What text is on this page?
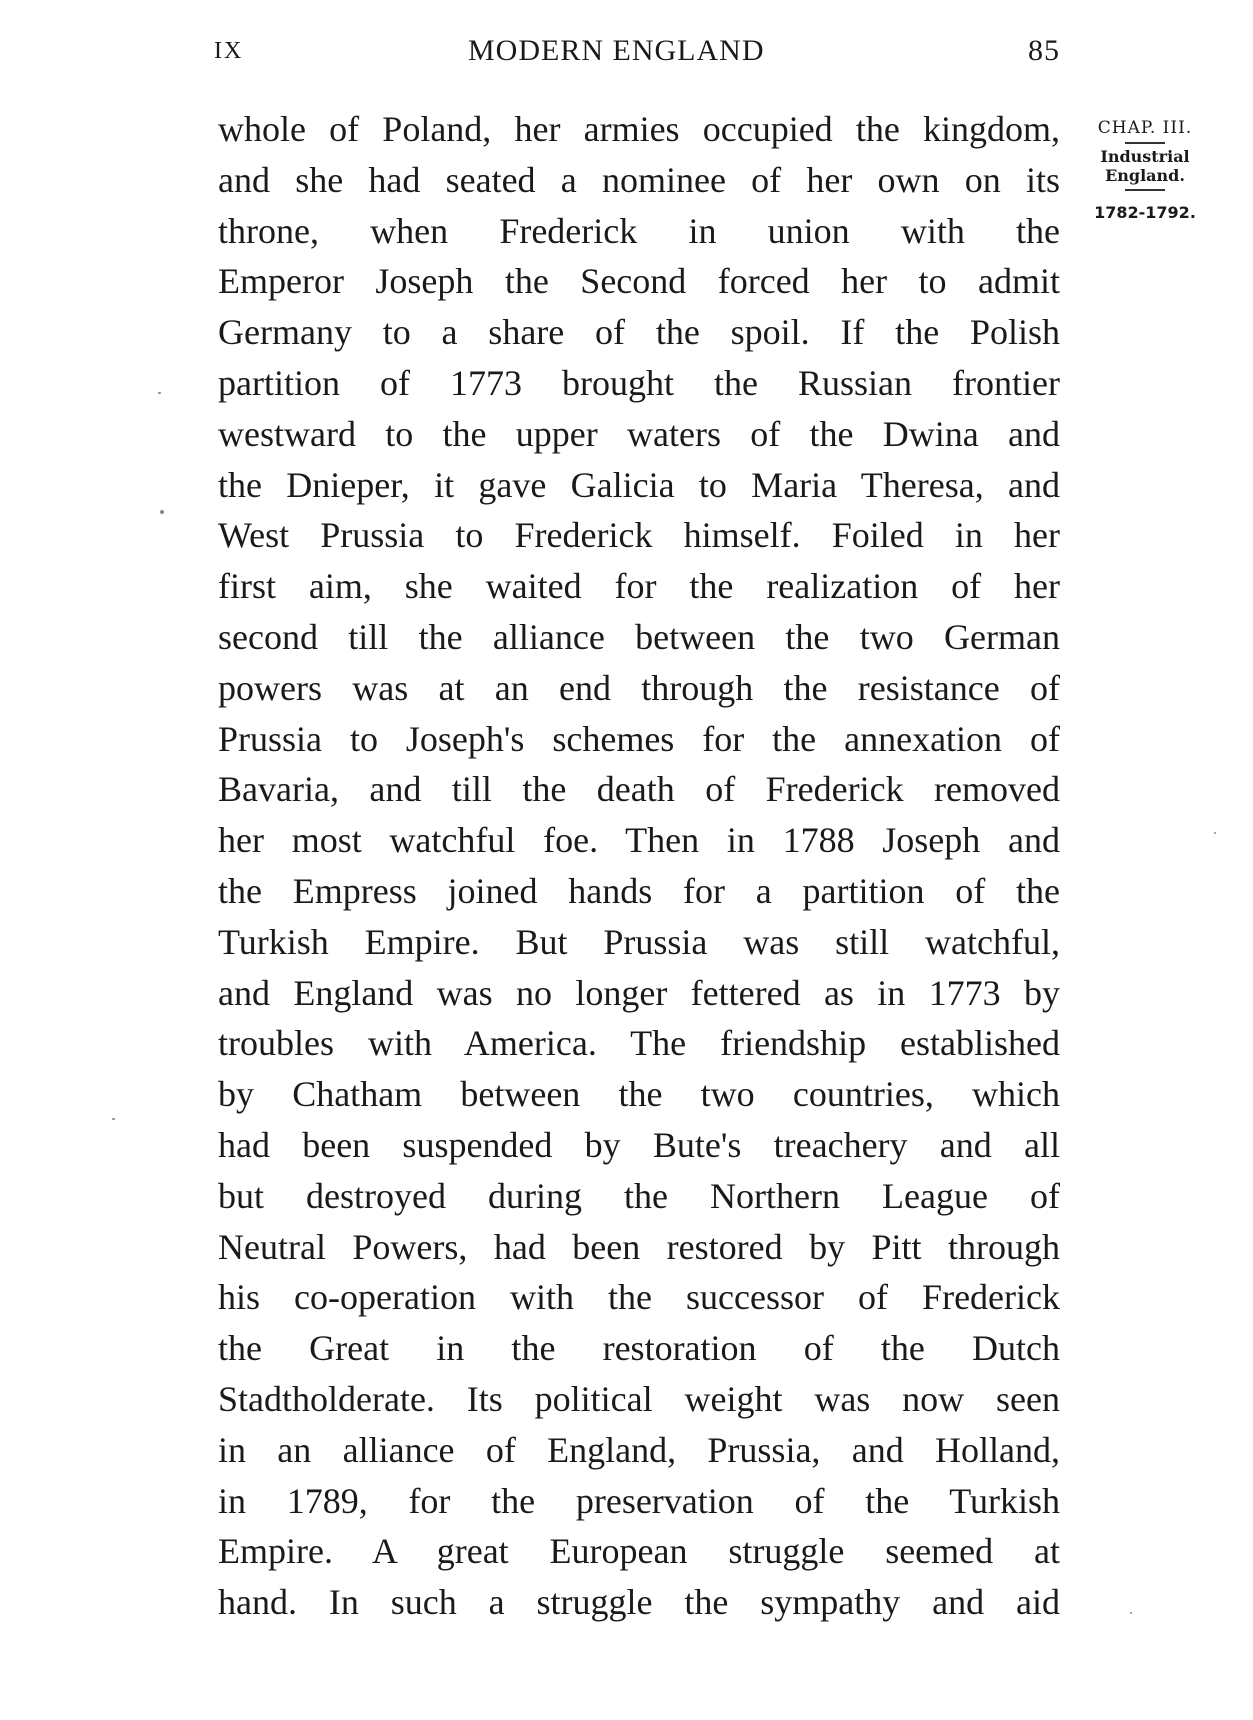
IX	MODERN ENGLAND	85
CHAP. III.
Industrial
England.
1782-1792.
whole of Poland, her armies occupied the kingdom,
and she had seated a nominee of her own on its
throne, when Frederick in union with the
Emperor Joseph the Second forced her to admit
Germany to a share of the spoil. If the Polish
partition of 1773 brought the Russian frontier
westward to the upper waters of the Dwina and
the Dnieper, it gave Galicia to Maria Theresa, and
West Prussia to Frederick himself. Foiled in her
first aim, she waited for the realization of her
second till the alliance between the two German
powers was at an end through the resistance of
Prussia to Joseph's schemes for the annexation of
Bavaria, and till the death of Frederick removed
her most watchful foe. Then in 1788 Joseph and
the Empress joined hands for a partition of the
Turkish Empire. But Prussia was still watchful,
and England was no longer fettered as in 1773 by
troubles with America. The friendship established
by Chatham between the two countries, which
had been suspended by Bute's treachery and all
but destroyed during the Northern League of
Neutral Powers, had been restored by Pitt through
his co-operation with the successor of Frederick
the Great in the restoration of the Dutch
Stadtholderate. Its political weight was now seen
in an alliance of England, Prussia, and Holland,
in 1789, for the preservation of the Turkish
Empire. A great European struggle seemed at
hand. In such a struggle the sympathy and aid
